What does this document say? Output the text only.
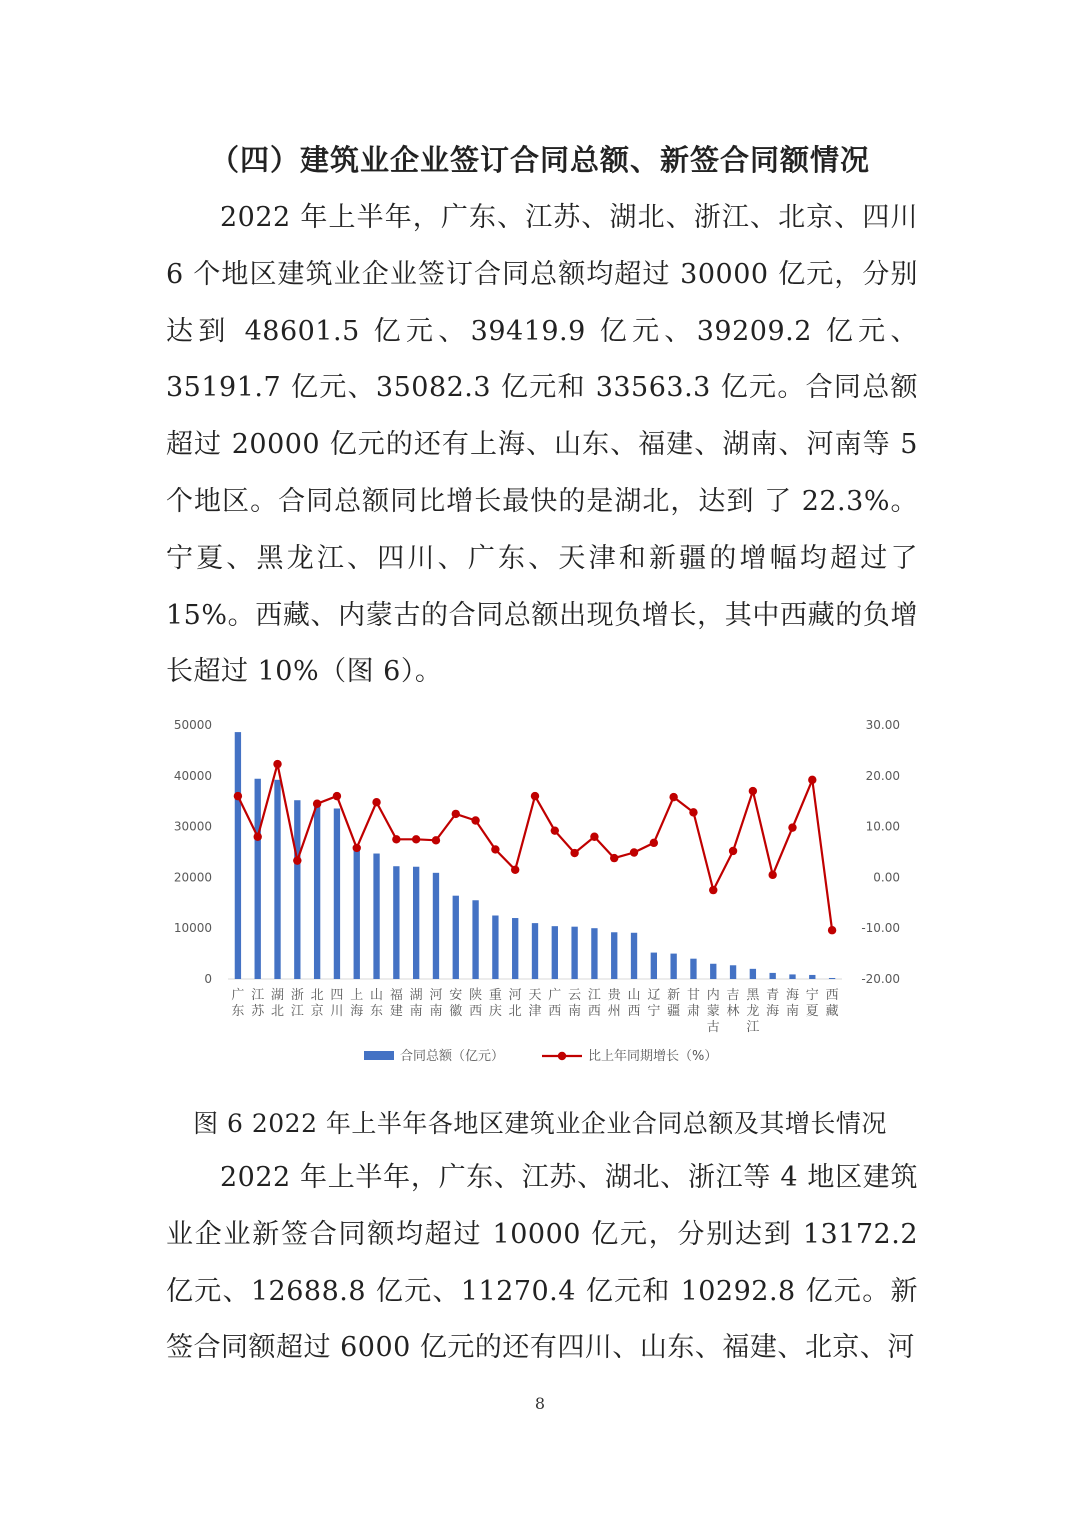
（四）建筑业企业签订合同总额、新签合同额情况

2022 年上半年，广东、江苏、湖北、浙江、北京、四川 6 个地区建筑业企业签订合同总额均超过 30000 亿元，分别达到 48601.5 亿元、39419.9 亿元、39209.2 亿元、35191.7 亿元、35082.3 亿元和 33563.3 亿元。合同总额超过 20000 亿元的还有上海、山东、福建、湖南、河南等 5 个地区。合同总额同比增长最快的是湖北，达到 了 22.3%。宁夏、黑龙江、四川、广东、天津和新疆的增幅均超过了 15%。西藏、内蒙古的合同总额出现负增长，其中西藏的负增长超过 10%（图 6）。

0
10000
20000
30000
40000
50000
-20.00
-10.00
0.00
10.00
20.00
30.00
广东
江苏
湖北
浙江
北京
四川
上海
山东
福建
湖南
河南
安徽
陕西
重庆
河北
天津
广西
云南
江西
贵州
山西
辽宁
新疆
甘肃
内蒙古
吉林
黑龙江
青海
海南
宁夏
西藏
合同总额（亿元）	比上年同期增长（%）
图 6 2022 年上半年各地区建筑业企业合同总额及其增长情况

2022 年上半年，广东、江苏、湖北、浙江等 4 地区建筑业企业新签合同额均超过 10000 亿元，分别达到 13172.2 亿元、12688.8 亿元、11270.4 亿元和 10292.8 亿元。新签合同额超过 6000 亿元的还有四川、山东、福建、北京、河

8
